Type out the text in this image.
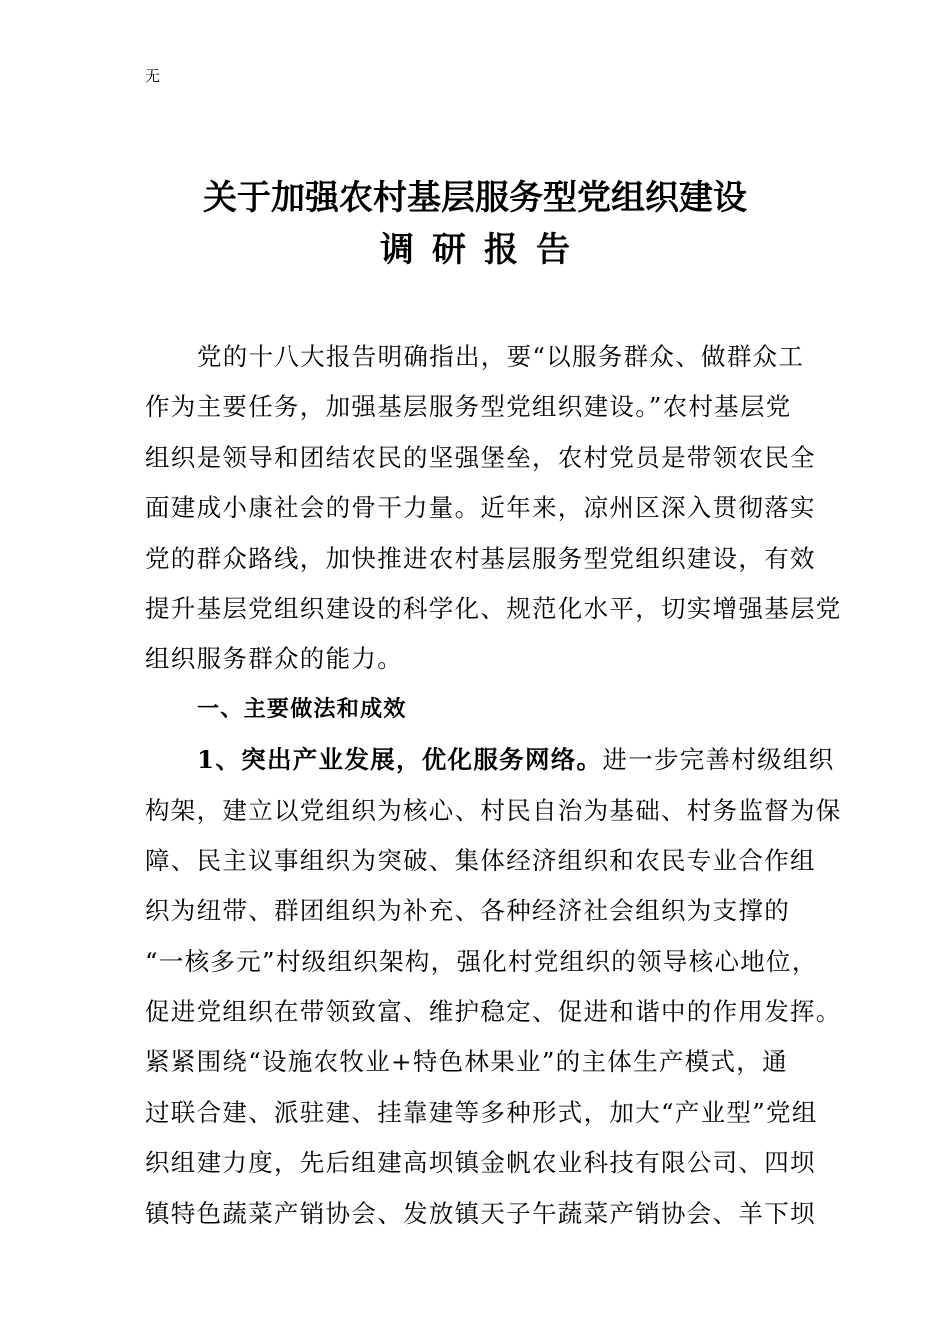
无
关于加强农村基层服务型党组织建设
调研报告
党的十八大报告明确指出，要“以服务群众、做群众工
作为主要任务，加强基层服务型党组织建设。”农村基层党
组织是领导和团结农民的坚强堡垒，农村党员是带领农民全
面建成小康社会的骨干力量。近年来，凉州区深入贯彻落实
党的群众路线，加快推进农村基层服务型党组织建设，有效
提升基层党组织建设的科学化、规范化水平，切实增强基层党
组织服务群众的能力。
一、主要做法和成效
1、突出产业发展，优化服务网络。进一步完善村级组织
构架，建立以党组织为核心、村民自治为基础、村务监督为保
障、民主议事组织为突破、集体经济组织和农民专业合作组
织为纽带、群团组织为补充、各种经济社会组织为支撑的
“一核多元”村级组织架构，强化村党组织的领导核心地位，
促进党组织在带领致富、维护稳定、促进和谐中的作用发挥。
紧紧围绕“设施农牧业+特色林果业”的主体生产模式，通
过联合建、派驻建、挂靠建等多种形式，加大“产业型”党组
织组建力度，先后组建高坝镇金帆农业科技有限公司、四坝
镇特色蔬菜产销协会、发放镇天子午蔬菜产销协会、羊下坝
